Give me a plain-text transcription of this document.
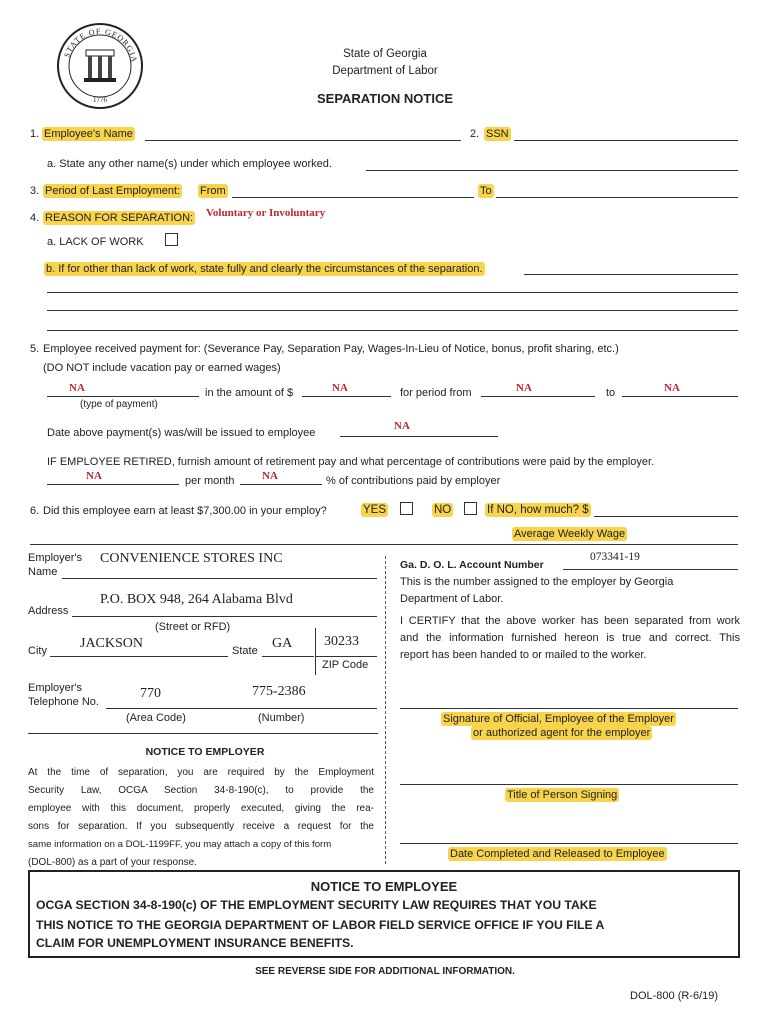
STATE OF GEORGIA
1776
State of Georgia
Department of Labor
SEPARATION NOTICE
1. Employee's Name	2. SSN
a. State any other name(s) under which employee worked.
3. Period of Last Employment: From	To
4. REASON FOR SEPARATION: Voluntary or Involuntary
a. LACK OF WORK
b. If for other than lack of work, state fully and clearly the circumstances of the separation.
5. Employee received payment for: (Severance Pay, Separation Pay, Wages-In-Lieu of Notice, bonus, profit sharing, etc.)
(DO NOT include vacation pay or earned wages)
NA
(type of payment)
in the amount of $	NA	for period from	NA	to	NA
Date above payment(s) was/will be issued to employee
NA
IF EMPLOYEE RETIRED, furnish amount of retirement pay and what percentage of contributions were paid by the employer.
NA	per month NA	% of contributions paid by employer
6. Did this employee earn at least $7,300.00 in your employ?	YES	NO	If NO, how much? $
Average Weekly Wage
Employer's
Name
CONVENIENCE STORES INC
P.O. BOX 948, 264 Alabama Blvd
Address
(Street or RFD)
City JACKSON	State GA 30233
ZIP Code
Employer's
Telephone No.
770	775-2386
(Area Code)	(Number)
NOTICE TO EMPLOYER
At the time of separation, you are required by the Employment
Security Law, OCGA Section 34-8-190(c), to provide the
employee with this document, properly executed, giving the rea-
sons for separation. If you subsequently receive a request for the
same information on a DOL-1199FF, you may attach a copy of this form
(DOL-800) as a part of your response.
Ga. D. O. L. Account Number
073341-19
This is the number assigned to the employer by Georgia
Department of Labor.
I CERTIFY that the above worker has been separated from work
and the information furnished hereon is true and correct. This
report has been handed to or mailed to the worker.
Signature of Official, Employee of the Employer
or authorized agent for the employer
Title of Person Signing
Date Completed and Released to Employee
NOTICE TO EMPLOYEE
OCGA SECTION 34-8-190(c) OF THE EMPLOYMENT SECURITY LAW REQUIRES THAT YOU TAKE
THIS NOTICE TO THE GEORGIA DEPARTMENT OF LABOR FIELD SERVICE OFFICE IF YOU FILE A
CLAIM FOR UNEMPLOYMENT INSURANCE BENEFITS.
SEE REVERSE SIDE FOR ADDITIONAL INFORMATION.
DOL-800 (R-6/19)
